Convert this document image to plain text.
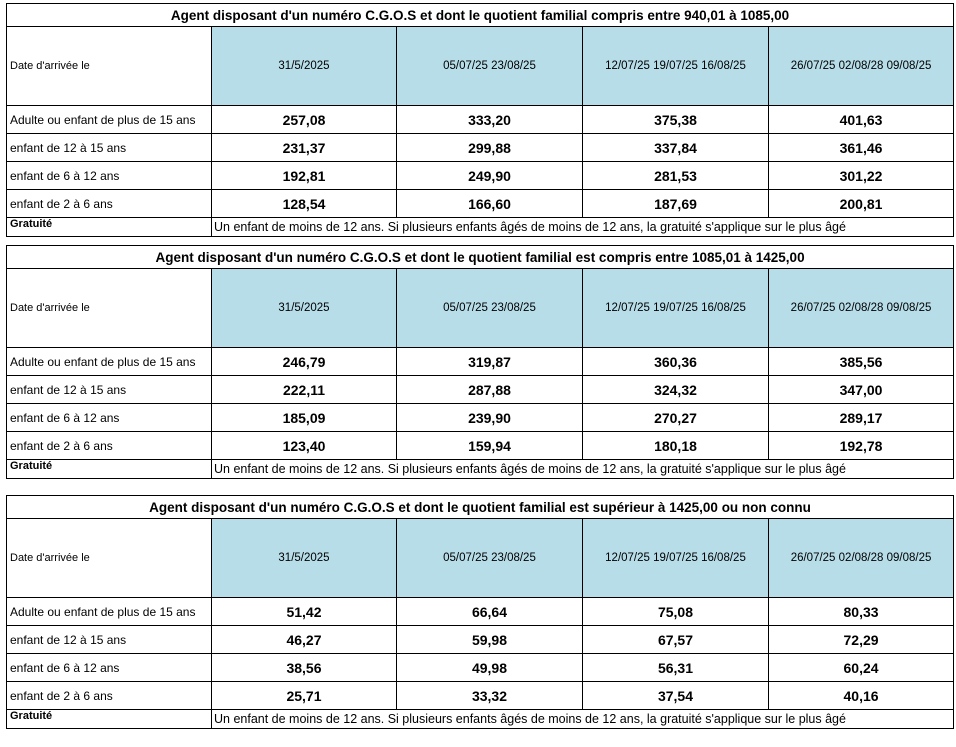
Agent disposant d'un numéro C.G.O.S et dont le quotient familial compris entre 940,01 à 1085,00				
Date d'arrivée le	31/5/2025	05/07/25 23/08/25	12/07/25 19/07/25 16/08/25	26/07/25 02/08/28 09/08/25
Adulte ou enfant de plus de 15 ans	257,08	333,20	375,38	401,63
enfant de 12 à 15 ans	231,37	299,88	337,84	361,46
enfant de 6 à 12 ans	192,81	249,90	281,53	301,22
enfant de 2 à 6 ans	128,54	166,60	187,69	200,81
Gratuité	Un enfant de moins de 12 ans. Si plusieurs enfants âgés de moins de 12 ans, la gratuité s'applique sur le plus âgé			
Agent disposant d'un numéro C.G.O.S et dont le quotient familial est compris entre 1085,01 à 1425,00				
Date d'arrivée le	31/5/2025	05/07/25 23/08/25	12/07/25 19/07/25 16/08/25	26/07/25 02/08/28 09/08/25
Adulte ou enfant de plus de 15 ans	246,79	319,87	360,36	385,56
enfant de 12 à 15 ans	222,11	287,88	324,32	347,00
enfant de 6 à 12 ans	185,09	239,90	270,27	289,17
enfant de 2 à 6 ans	123,40	159,94	180,18	192,78
Gratuité	Un enfant de moins de 12 ans. Si plusieurs enfants âgés de moins de 12 ans, la gratuité s'applique sur le plus âgé			
Agent disposant d'un numéro C.G.O.S et dont le quotient familial est supérieur à 1425,00 ou non connu				
Date d'arrivée le	31/5/2025	05/07/25 23/08/25	12/07/25 19/07/25 16/08/25	26/07/25 02/08/28 09/08/25
Adulte ou enfant de plus de 15 ans	51,42	66,64	75,08	80,33
enfant de 12 à 15 ans	46,27	59,98	67,57	72,29
enfant de 6 à 12 ans	38,56	49,98	56,31	60,24
enfant de 2 à 6 ans	25,71	33,32	37,54	40,16
Gratuité	Un enfant de moins de 12 ans. Si plusieurs enfants âgés de moins de 12 ans, la gratuité s'applique sur le plus âgé			
